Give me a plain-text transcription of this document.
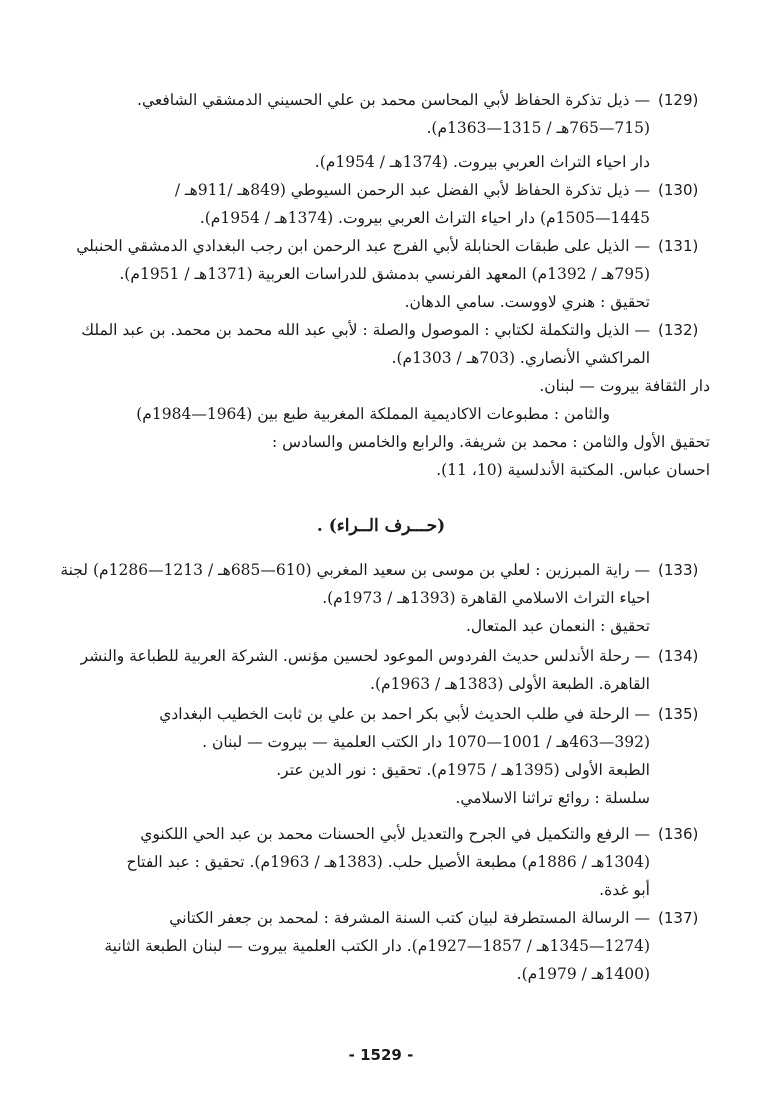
(129)
— ذيل تذكرة الحفاظ لأبي المحاسن محمد بن علي الحسيني الدمشقي الشافعي.
(715—765هـ / 1315—1363م).
دار احياء التراث العربي بيروت. (1374هـ / 1954م).
(130)
— ذيل تذكرة الحفاظ لأبي الفضل عبد الرحمن السيوطي (849هـ /911هـ /
1445—1505م) دار احياء التراث العربي بيروت. (1374هـ / 1954م).
(131)
— الذيل على طبقات الحنابلة لأبي الفرج عبد الرحمن ابن رجب البغدادي الدمشقي الحنبلي
(795هـ / 1392م) المعهد الفرنسي بدمشق للدراسات العربية (1371هـ / 1951م).
تحقيق : هنري لاووست. سامي الدهان.
(132)
— الذيل والتكملة لكتابي : الموصول والصلة : لأبي عبد الله محمد بن محمد. بن عبد الملك
المراكشي الأنصاري. (703هـ / 1303م).
دار الثقافة بيروت — لبنان.
والثامن : مطبوعات الاكاديمية المملكة المغربية طبع بين (1964—1984م)
تحقيق الأول والثامن : محمد بن شريفة. والرابع والخامس والسادس :
احسان عباس. المكتبة الأندلسية (10، 11).
(حـــرف الــراء) .
(133)
— راية المبرزين : لعلي بن موسى بن سعيد المغربي (610—685هـ / 1213—1286م) لجنة
احياء التراث الاسلامي القاهرة (1393هـ / 1973م).
تحقيق : النعمان عبد المتعال.
(134)
— رحلة الأندلس حديث الفردوس الموعود لحسين مؤنس. الشركة العربية للطباعة والنشر
القاهرة. الطبعة الأولى (1383هـ / 1963م).
(135)
— الرحلة في طلب الحديث لأبي بكر احمد بن علي بن ثابت الخطيب البغدادي
(392—463هـ / 1001—1070 دار الكتب العلمية — بيروت — لبنان .
الطبعة الأولى (1395هـ / 1975م). تحقيق : نور الدين عتر.
سلسلة : روائع تراثنا الاسلامي.
(136)
— الرفع والتكميل في الجرح والتعديل لأبي الحسنات محمد بن عبد الحي اللكنوي
(1304هـ / 1886م) مطبعة الأصيل حلب. (1383هـ / 1963م). تحقيق : عبد الفتاح
أبو غدة.
(137)
— الرسالة المستطرفة لبيان كتب السنة المشرفة : لمحمد بن جعفر الكتاني
(1274—1345هـ / 1857—1927م). دار الكتب العلمية بيروت — لبنان الطبعة الثانية
(1400هـ / 1979م).
- 1529 -
